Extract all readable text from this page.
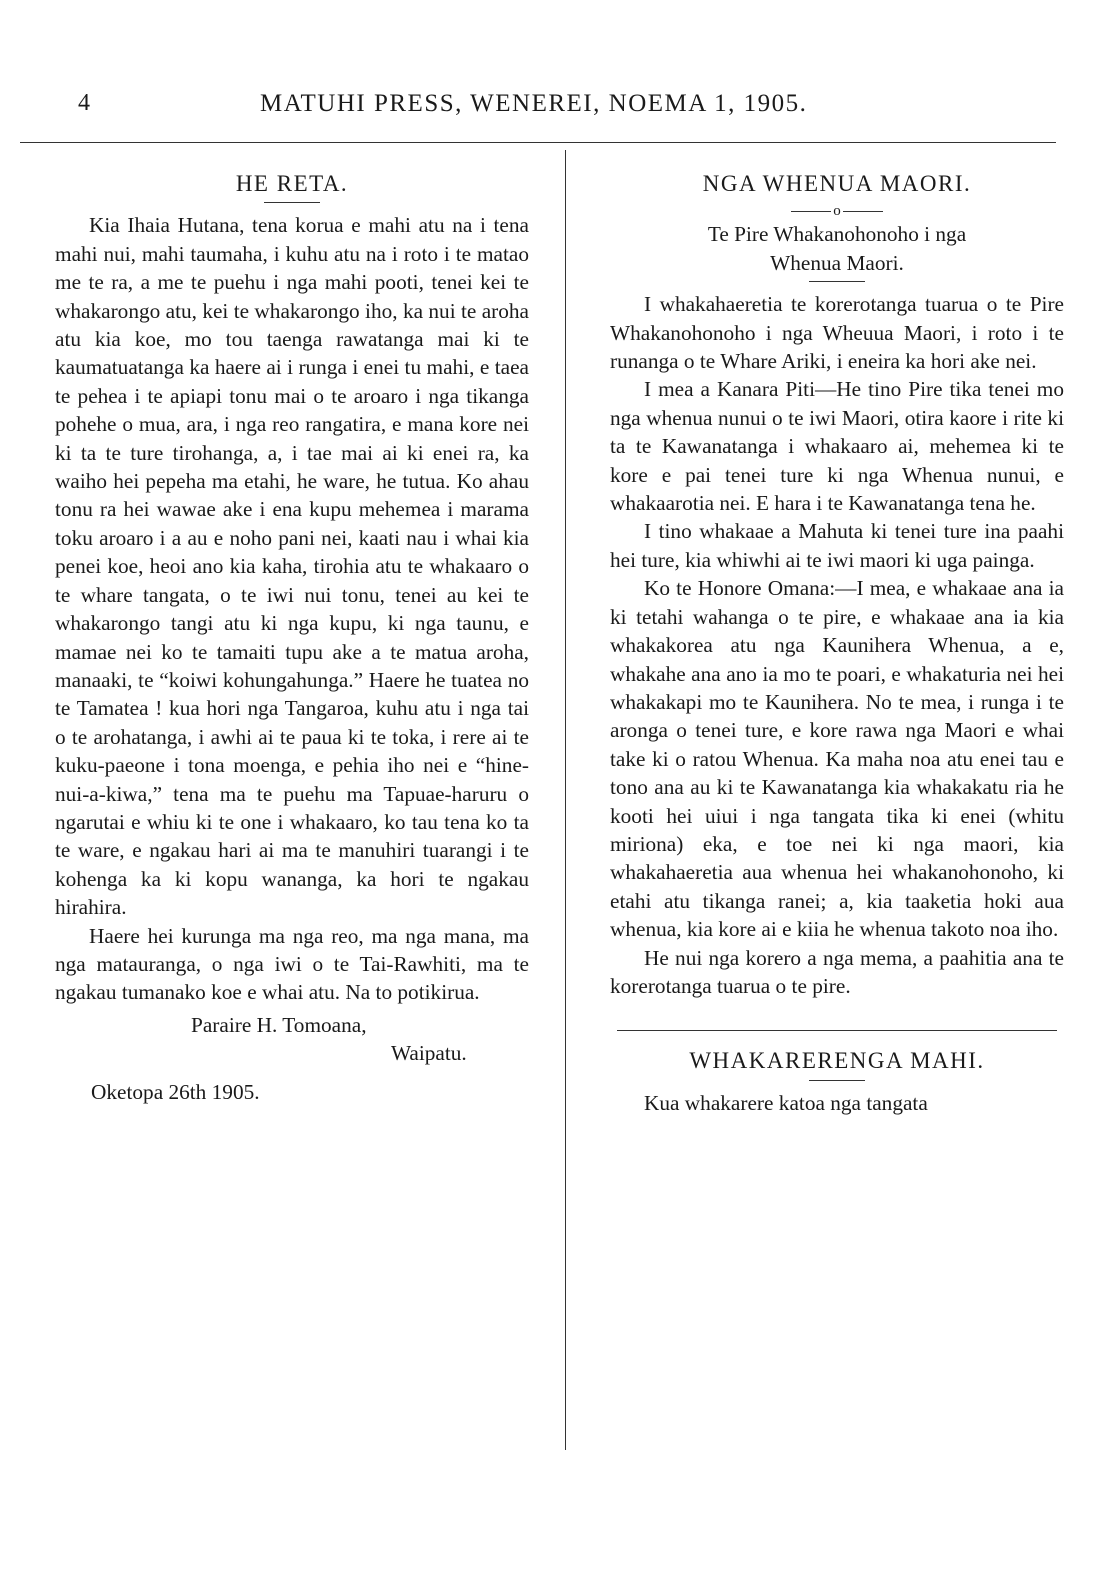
4	MATUHI PRESS, WENEREI, NOEMA 1, 1905.
HE RETA.

Kia Ihaia Hutana, tena korua e mahi atu na i tena mahi nui, mahi taumaha, i kuhu atu na i roto i te matao me te ra, a me te puehu i nga mahi pooti, tenei kei te whakarongo atu, kei te whakarongo iho, ka nui te aroha atu kia koe, mo tou taenga rawatanga mai ki te kaumatuatanga ka haere ai i runga i enei tu mahi, e taea te pehea i te apiapi tonu mai o te aroaro i nga tikanga pohehe o mua, ara, i nga reo rangatira, e mana kore nei ki ta te ture tirohanga, a, i tae mai ai ki enei ra, ka waiho hei pepeha ma etahi, he ware, he tutua. Ko ahau tonu ra hei wawae ake i ena kupu mehemea i marama toku aroaro i a au e noho pani nei, kaati nau i whai kia penei koe, heoi ano kia kaha, tirohia atu te whakaaro o te whare tangata, o te iwi nui tonu, tenei au kei te whakarongo tangi atu ki nga kupu, ki nga taunu, e mamae nei ko te tamaiti tupu ake a te matua aroha, manaaki, te “koiwi kohungahunga.” Haere he tuatea no te Tamatea ! kua hori nga Tangaroa, kuhu atu i nga tai o te arohatanga, i awhi ai te paua ki te toka, i rere ai te kuku-paeone i tona moenga, e pehia iho nei e “hine-nui-a-kiwa,” tena ma te puehu ma Tapuae-haruru o ngarutai e whiu ki te one i whakaaro, ko tau tena ko ta te ware, e ngakau hari ai ma te manuhiri tuarangi i te kohenga ka ki kopu wananga, ka hori te ngakau hirahira.

Haere hei kurunga ma nga reo, ma nga mana, ma nga matauranga, o nga iwi o te Tai-Rawhiti, ma te ngakau tumanako koe e whai atu. Na to potikirua.

Paraire H. Tomoana,

Waipatu.

Oketopa 26th 1905.

NGA WHENUA MAORI.
o
Te Pire Whakanohonoho i nga
Whenua Maori.

I whakahaeretia te korerotanga tuarua o te Pire Whakanohonoho i nga Wheuua Maori, i roto i te runanga o te Whare Ariki, i eneira ka hori ake nei.

I mea a Kanara Piti—He tino Pire tika tenei mo nga whenua nunui o te iwi Maori, otira kaore i rite ki ta te Kawanatanga i whakaaro ai, mehemea ki te kore e pai tenei ture ki nga Whenua nunui, e whakaarotia nei. E hara i te Kawanatanga tena he.

I tino whakaae a Mahuta ki tenei ture ina paahi hei ture, kia whiwhi ai te iwi maori ki uga painga.

Ko te Honore Omana:—I mea, e whakaae ana ia ki tetahi wahanga o te pire, e whakaae ana ia kia whakakorea atu nga Kaunihera Whenua, a e, whakahe ana ano ia mo te poari, e whakaturia nei hei whakakapi mo te Kaunihera. No te mea, i runga i te aronga o tenei ture, e kore rawa nga Maori e whai take ki o ratou Whenua. Ka maha noa atu enei tau e tono ana au ki te Kawanatanga kia whakakatu ria he kooti hei uiui i nga tangata tika ki enei (whitu miriona) eka, e toe nei ki nga maori, kia whakahaeretia aua whenua hei whakanohonoho, ki etahi atu tikanga ranei; a, kia taaketia hoki aua whenua, kia kore ai e kiia he whenua takoto noa iho.

He nui nga korero a nga mema, a paahitia ana te korerotanga tuarua o te pire.

WHAKARERENGA MAHI.

Kua whakarere katoa nga tangata
